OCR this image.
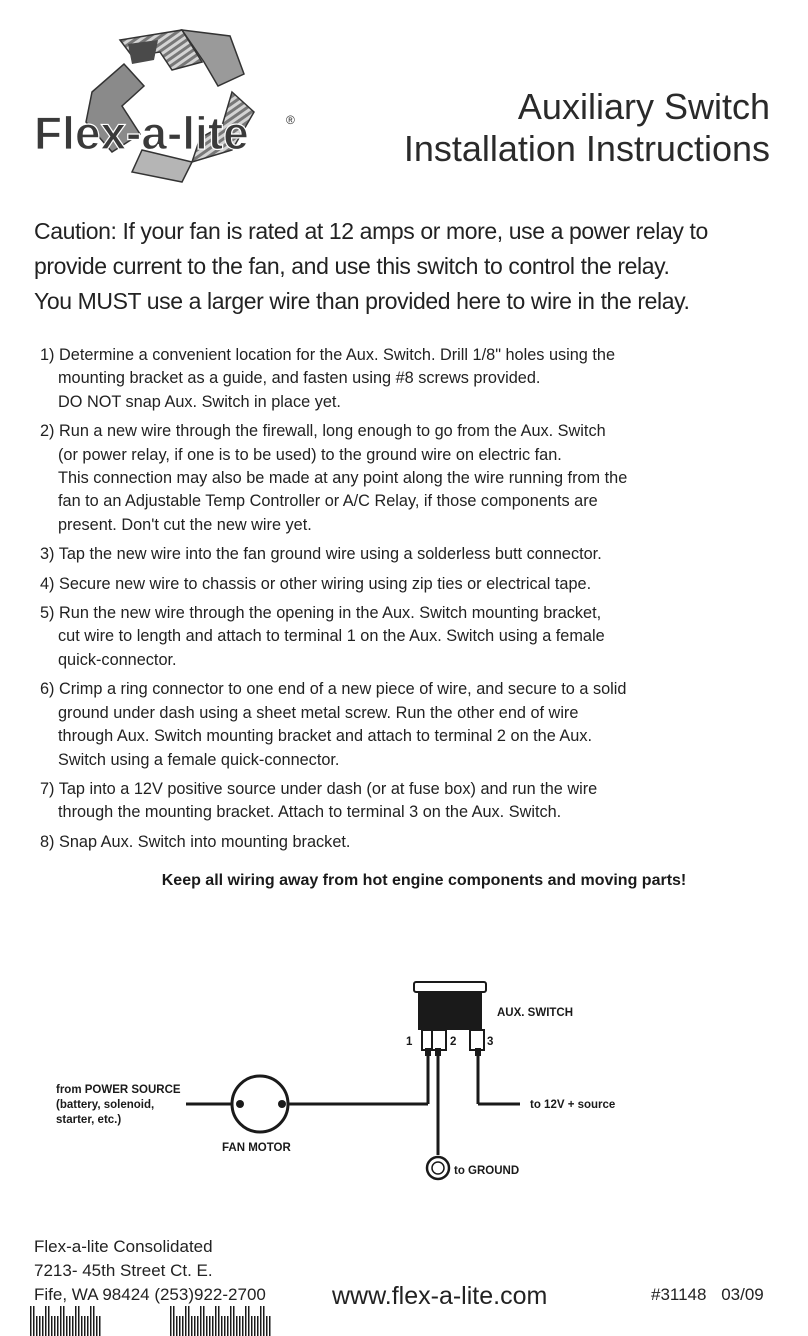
Flex-a-lite	®	Auxiliary Switch
Installation Instructions
Caution: If your fan is rated at 12 amps or more, use a power relay to
provide current to the fan, and use this switch to control the relay.
You MUST use a larger wire than provided here to wire in the relay.
1) Determine a convenient location for the Aux. Switch. Drill 1/8" holes using the
mounting bracket as a guide, and fasten using #8 screws provided.
DO NOT snap Aux. Switch in place yet.
2) Run a new wire through the firewall, long enough to go from the Aux. Switch
(or power relay, if one is to be used) to the ground wire on electric fan.
This connection may also be made at any point along the wire running from the
fan to an Adjustable Temp Controller or A/C Relay, if those components are
present. Don't cut the new wire yet.
3) Tap the new wire into the fan ground wire using a solderless butt connector.
4) Secure new wire to chassis or other wiring using zip ties or electrical tape.
5) Run the new wire through the opening in the Aux. Switch mounting bracket,
cut wire to length and attach to terminal 1 on the Aux. Switch using a female
quick-connector.
6) Crimp a ring connector to one end of a new piece of wire, and secure to a solid
ground under dash using a sheet metal screw. Run the other end of wire
through Aux. Switch mounting bracket and attach to terminal 2 on the Aux.
Switch using a female quick-connector.
7) Tap into a 12V positive source under dash (or at fuse box) and run the wire
through the mounting bracket. Attach to terminal 3 on the Aux. Switch.
8) Snap Aux. Switch into mounting bracket.
Keep all wiring away from hot engine components and moving parts!
AUX. SWITCH
1	2	3
from POWER SOURCE
(battery, solenoid,
starter, etc.)
FAN MOTOR
to 12V + source
to GROUND
Flex-a-lite Consolidated
7213- 45th Street Ct. E.
Fife, WA 98424 (253)922-2700	www.flex-a-lite.com	#31148 03/09
